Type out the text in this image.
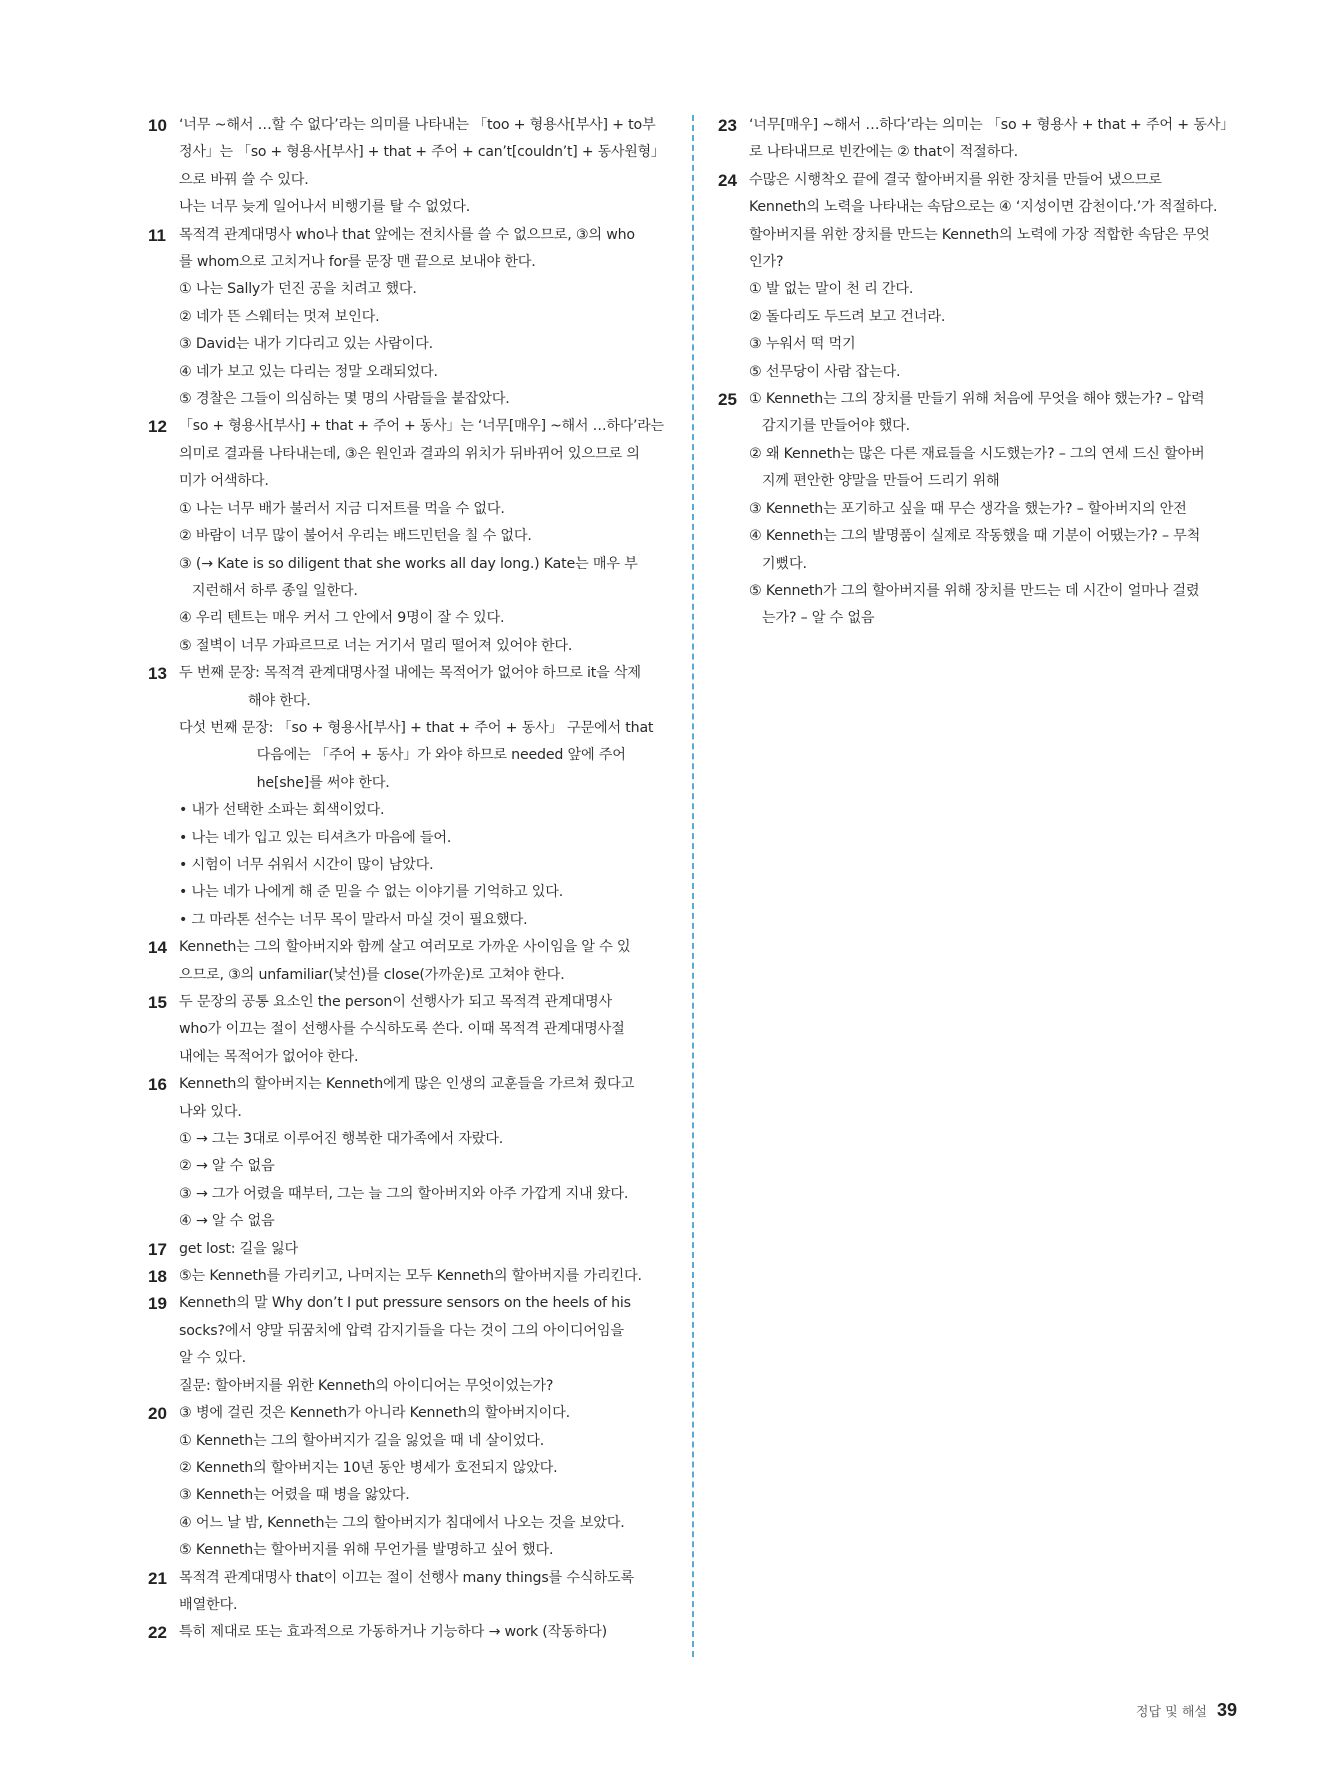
10 ‘너무 ~해서 …할 수 없다’라는 의미를 나타내는 「too + 형용사[부사] + to부
정사」는 「so + 형용사[부사] + that + 주어 + can’t[couldn’t] + 동사원형」
으로 바꿔 쓸 수 있다.
나는 너무 늦게 일어나서 비행기를 탈 수 없었다.
11 목적격 관계대명사 who나 that 앞에는 전치사를 쓸 수 없으므로, ③의 who
를 whom으로 고치거나 for를 문장 맨 끝으로 보내야 한다.
① 나는 Sally가 던진 공을 치려고 했다.
② 네가 뜬 스웨터는 멋져 보인다.
③ David는 내가 기다리고 있는 사람이다.
④ 네가 보고 있는 다리는 정말 오래되었다.
⑤ 경찰은 그들이 의심하는 몇 명의 사람들을 붙잡았다.
12 「so + 형용사[부사] + that + 주어 + 동사」는 ‘너무[매우] ~해서 …하다’라는
의미로 결과를 나타내는데, ③은 원인과 결과의 위치가 뒤바뀌어 있으므로 의
미가 어색하다.
① 나는 너무 배가 불러서 지금 디저트를 먹을 수 없다.
② 바람이 너무 많이 불어서 우리는 배드민턴을 칠 수 없다.
③ (→ Kate is so diligent that she works all day long.) Kate는 매우 부
지런해서 하루 종일 일한다.
④ 우리 텐트는 매우 커서 그 안에서 9명이 잘 수 있다.
⑤ 절벽이 너무 가파르므로 너는 거기서 멀리 떨어져 있어야 한다.
13 두 번째 문장: 목적격 관계대명사절 내에는 목적어가 없어야 하므로 it을 삭제
해야 한다.
다섯 번째 문장: 「so + 형용사[부사] + that + 주어 + 동사」 구문에서 that
다음에는 「주어 + 동사」가 와야 하므로 needed 앞에 주어
he[she]를 써야 한다.
• 내가 선택한 소파는 회색이었다.
• 나는 네가 입고 있는 티셔츠가 마음에 들어.
• 시험이 너무 쉬워서 시간이 많이 남았다.
• 나는 네가 나에게 해 준 믿을 수 없는 이야기를 기억하고 있다.
• 그 마라톤 선수는 너무 목이 말라서 마실 것이 필요했다.
14 Kenneth는 그의 할아버지와 함께 살고 여러모로 가까운 사이임을 알 수 있
으므로, ③의 unfamiliar(낯선)를 close(가까운)로 고쳐야 한다.
15 두 문장의 공통 요소인 the person이 선행사가 되고 목적격 관계대명사
who가 이끄는 절이 선행사를 수식하도록 쓴다. 이때 목적격 관계대명사절
내에는 목적어가 없어야 한다.
16 Kenneth의 할아버지는 Kenneth에게 많은 인생의 교훈들을 가르쳐 줬다고
나와 있다.
① → 그는 3대로 이루어진 행복한 대가족에서 자랐다.
② → 알 수 없음
③ → 그가 어렸을 때부터, 그는 늘 그의 할아버지와 아주 가깝게 지내 왔다.
④ → 알 수 없음
17 get lost: 길을 잃다
18 ⑤는 Kenneth를 가리키고, 나머지는 모두 Kenneth의 할아버지를 가리킨다.
19 Kenneth의 말 Why don’t I put pressure sensors on the heels of his
socks?에서 양말 뒤꿈치에 압력 감지기들을 다는 것이 그의 아이디어임을
알 수 있다.
질문: 할아버지를 위한 Kenneth의 아이디어는 무엇이었는가?
20 ③ 병에 걸린 것은 Kenneth가 아니라 Kenneth의 할아버지이다.
① Kenneth는 그의 할아버지가 길을 잃었을 때 네 살이었다.
② Kenneth의 할아버지는 10년 동안 병세가 호전되지 않았다.
③ Kenneth는 어렸을 때 병을 앓았다.
④ 어느 날 밤, Kenneth는 그의 할아버지가 침대에서 나오는 것을 보았다.
⑤ Kenneth는 할아버지를 위해 무언가를 발명하고 싶어 했다.
21 목적격 관계대명사 that이 이끄는 절이 선행사 many things를 수식하도록
배열한다.
22 특히 제대로 또는 효과적으로 가동하거나 기능하다 → work (작동하다)
23 ‘너무[매우] ~해서 …하다’라는 의미는 「so + 형용사 + that + 주어 + 동사」
로 나타내므로 빈칸에는 ② that이 적절하다.
24 수많은 시행착오 끝에 결국 할아버지를 위한 장치를 만들어 냈으므로
Kenneth의 노력을 나타내는 속담으로는 ④ ‘지성이면 감천이다.’가 적절하다.
할아버지를 위한 장치를 만드는 Kenneth의 노력에 가장 적합한 속담은 무엇
인가?
① 발 없는 말이 천 리 간다.
② 돌다리도 두드려 보고 건너라.
③ 누워서 떡 먹기
⑤ 선무당이 사람 잡는다.
25 ① Kenneth는 그의 장치를 만들기 위해 처음에 무엇을 해야 했는가? – 압력
감지기를 만들어야 했다.
② 왜 Kenneth는 많은 다른 재료들을 시도했는가? – 그의 연세 드신 할아버
지께 편안한 양말을 만들어 드리기 위해
③ Kenneth는 포기하고 싶을 때 무슨 생각을 했는가? – 할아버지의 안전
④ Kenneth는 그의 발명품이 실제로 작동했을 때 기분이 어땠는가? – 무척
기뻤다.
⑤ Kenneth가 그의 할아버지를 위해 장치를 만드는 데 시간이 얼마나 걸렸
는가? – 알 수 없음
정답 및 해설 39
